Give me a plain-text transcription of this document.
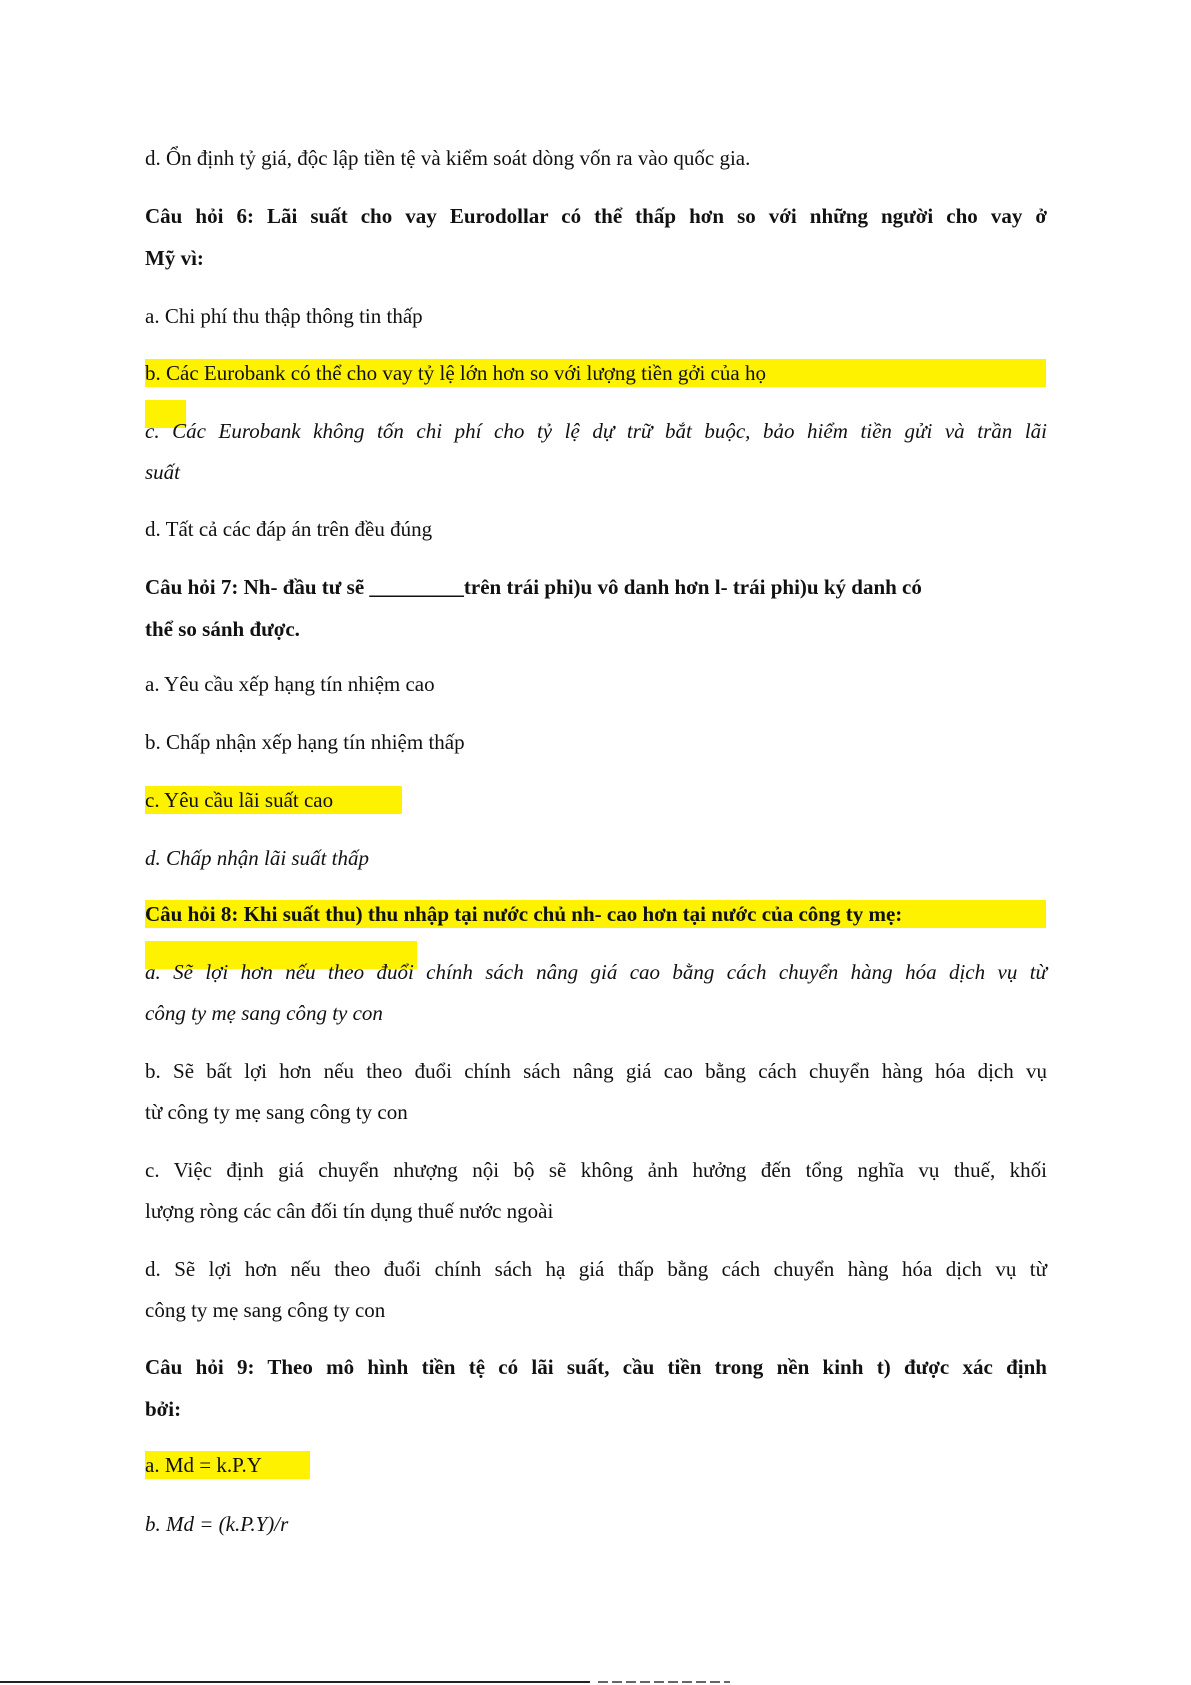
d. Ổn định tỷ giá, độc lập tiền tệ và kiểm soát dòng vốn ra vào quốc gia.
Câu hỏi 6: Lãi suất cho vay Eurodollar có thể thấp hơn so với những người cho vay ở
Mỹ vì:
a. Chi phí thu thập thông tin thấp
b. Các Eurobank có thể cho vay tỷ lệ lớn hơn so với lượng tiền gởi của họ
c. Các Eurobank không tốn chi phí cho tỷ lệ dự trữ bắt buộc, bảo hiểm tiền gửi và trần lãi
suất
d. Tất cả các đáp án trên đều đúng
Câu hỏi 7: Nh- đầu tư sẽ _________trên trái phi)u vô danh hơn l- trái phi)u ký danh có
thể so sánh được.
a. Yêu cầu xếp hạng tín nhiệm cao
b. Chấp nhận xếp hạng tín nhiệm thấp
c. Yêu cầu lãi suất cao
d. Chấp nhận lãi suất thấp
Câu hỏi 8: Khi suất thu) thu nhập tại nước chủ nh- cao hơn tại nước của công ty mẹ:
a. Sẽ lợi hơn nếu theo đuổi chính sách nâng giá cao bằng cách chuyển hàng hóa dịch vụ từ
công ty mẹ sang công ty con
b. Sẽ bất lợi hơn nếu theo đuổi chính sách nâng giá cao bằng cách chuyển hàng hóa dịch vụ
từ công ty mẹ sang công ty con
c. Việc định giá chuyển nhượng nội bộ sẽ không ảnh hưởng đến tổng nghĩa vụ thuế, khối
lượng ròng các cân đối tín dụng thuế nước ngoài
d. Sẽ lợi hơn nếu theo đuổi chính sách hạ giá thấp bằng cách chuyển hàng hóa dịch vụ từ
công ty mẹ sang công ty con
Câu hỏi 9: Theo mô hình tiền tệ có lãi suất, cầu tiền trong nền kinh t) được xác định
bởi:
a. Md = k.P.Y
b. Md = (k.P.Y)/r
